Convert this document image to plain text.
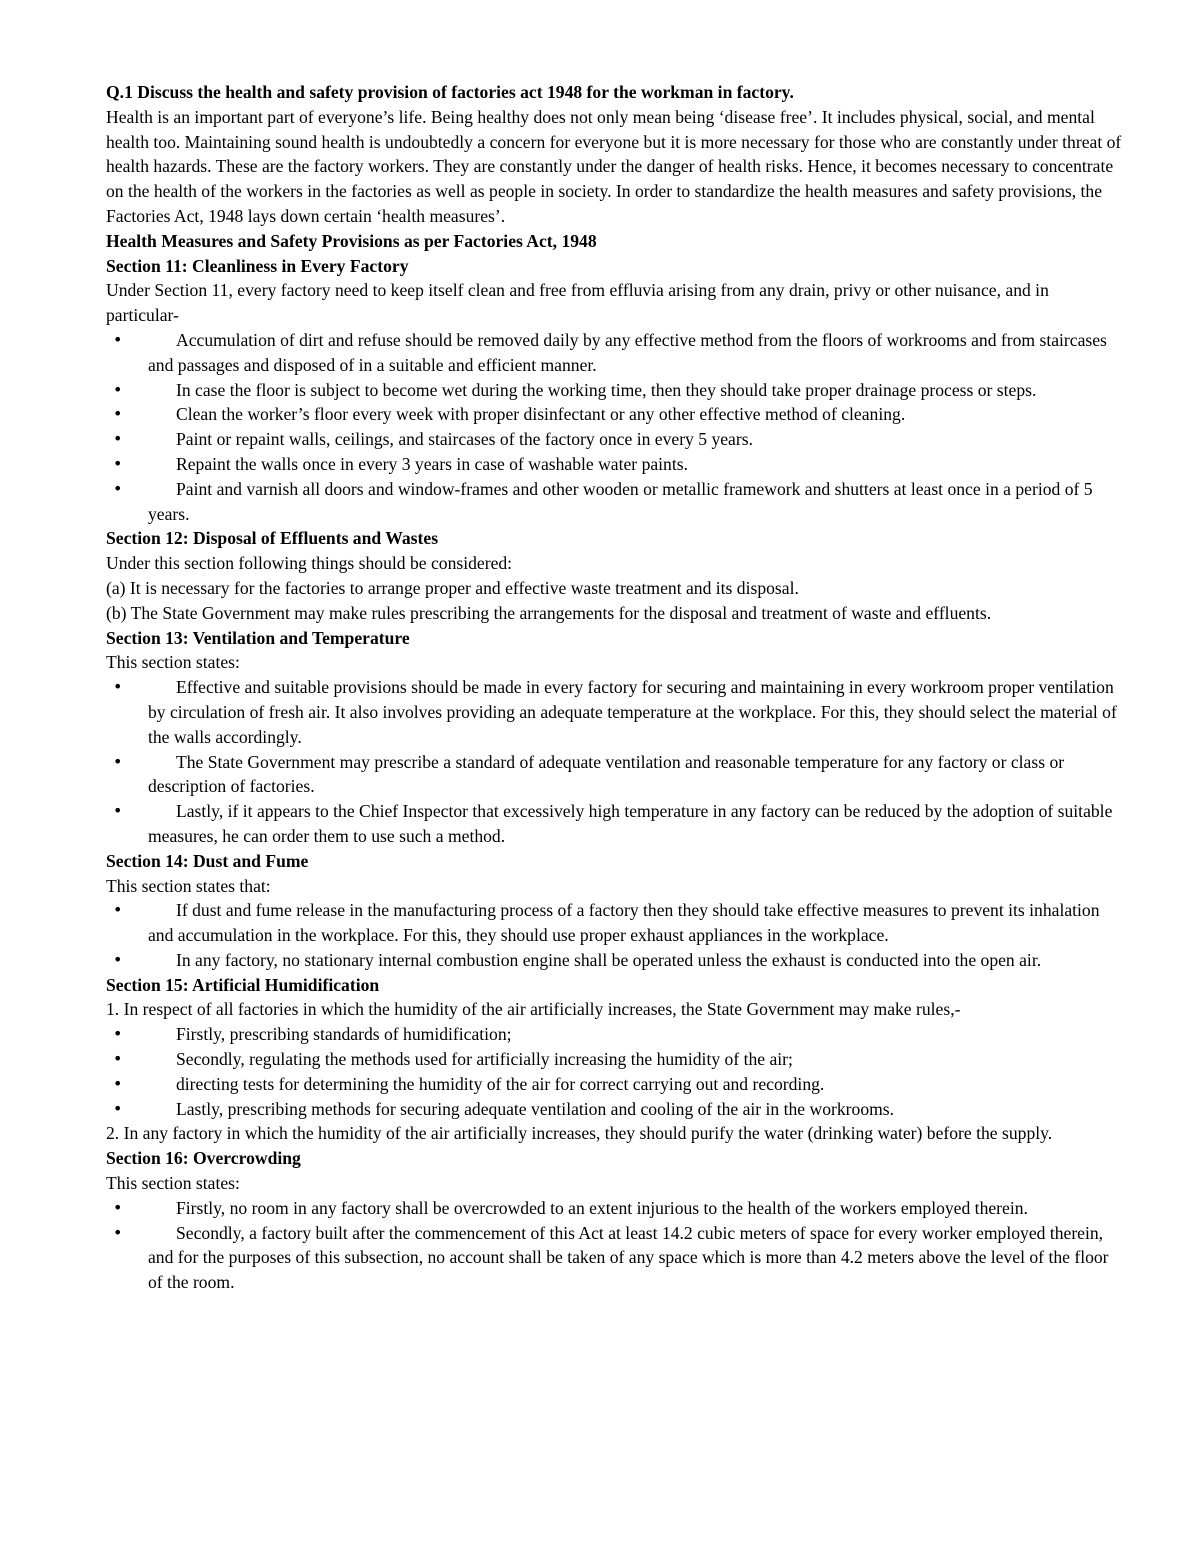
Q.1 Discuss the health and safety provision of factories act 1948 for the workman in factory.

Health is an important part of everyone’s life. Being healthy does not only mean being ‘disease free’. It includes physical, social, and mental health too. Maintaining sound health is undoubtedly a concern for everyone but it is more necessary for those who are constantly under threat of health hazards. These are the factory workers. They are constantly under the danger of health risks. Hence, it becomes necessary to concentrate on the health of the workers in the factories as well as people in society. In order to standardize the health measures and safety provisions, the Factories Act, 1948 lays down certain ‘health measures’.

Health Measures and Safety Provisions as per Factories Act, 1948

Section 11: Cleanliness in Every Factory

Under Section 11, every factory need to keep itself clean and free from effluvia arising from any drain, privy or other nuisance, and in particular-

•	Accumulation of dirt and refuse should be removed daily by any effective method from the floors of workrooms and from staircases and passages and disposed of in a suitable and efficient manner.
•	In case the floor is subject to become wet during the working time, then they should take proper drainage process or steps.
•	Clean the worker’s floor every week with proper disinfectant or any other effective method of cleaning.
•	Paint or repaint walls, ceilings, and staircases of the factory once in every 5 years.
•	Repaint the walls once in every 3 years in case of washable water paints.
•	Paint and varnish all doors and window-frames and other wooden or metallic framework and shutters at least once in a period of 5 years.

Section 12: Disposal of Effluents and Wastes

Under this section following things should be considered:

(a) It is necessary for the factories to arrange proper and effective waste treatment and its disposal.

(b) The State Government may make rules prescribing the arrangements for the disposal and treatment of waste and effluents.

Section 13: Ventilation and Temperature

This section states:

•	Effective and suitable provisions should be made in every factory for securing and maintaining in every workroom proper ventilation by circulation of fresh air. It also involves providing an adequate temperature at the workplace. For this, they should select the material of the walls accordingly.
•	The State Government may prescribe a standard of adequate ventilation and reasonable temperature for any factory or class or description of factories.
•	Lastly, if it appears to the Chief Inspector that excessively high temperature in any factory can be reduced by the adoption of suitable measures, he can order them to use such a method.

Section 14: Dust and Fume

This section states that:

•	If dust and fume release in the manufacturing process of a factory then they should take effective measures to prevent its inhalation and accumulation in the workplace. For this, they should use proper exhaust appliances in the workplace.
•	In any factory, no stationary internal combustion engine shall be operated unless the exhaust is conducted into the open air.

Section 15: Artificial Humidification

1. In respect of all factories in which the humidity of the air artificially increases, the State Government may make rules,-

•	Firstly, prescribing standards of humidification;
•	Secondly, regulating the methods used for artificially increasing the humidity of the air;
•	directing tests for determining the humidity of the air for correct carrying out and recording.
•	Lastly, prescribing methods for securing adequate ventilation and cooling of the air in the workrooms.

2. In any factory in which the humidity of the air artificially increases, they should purify the water (drinking water) before the supply.

Section 16: Overcrowding

This section states:

•	Firstly, no room in any factory shall be overcrowded to an extent injurious to the health of the workers employed therein.
•	Secondly, a factory built after the commencement of this Act at least 14.2 cubic meters of space for every worker employed therein, and for the purposes of this subsection, no account shall be taken of any space which is more than 4.2 meters above the level of the floor of the room.
